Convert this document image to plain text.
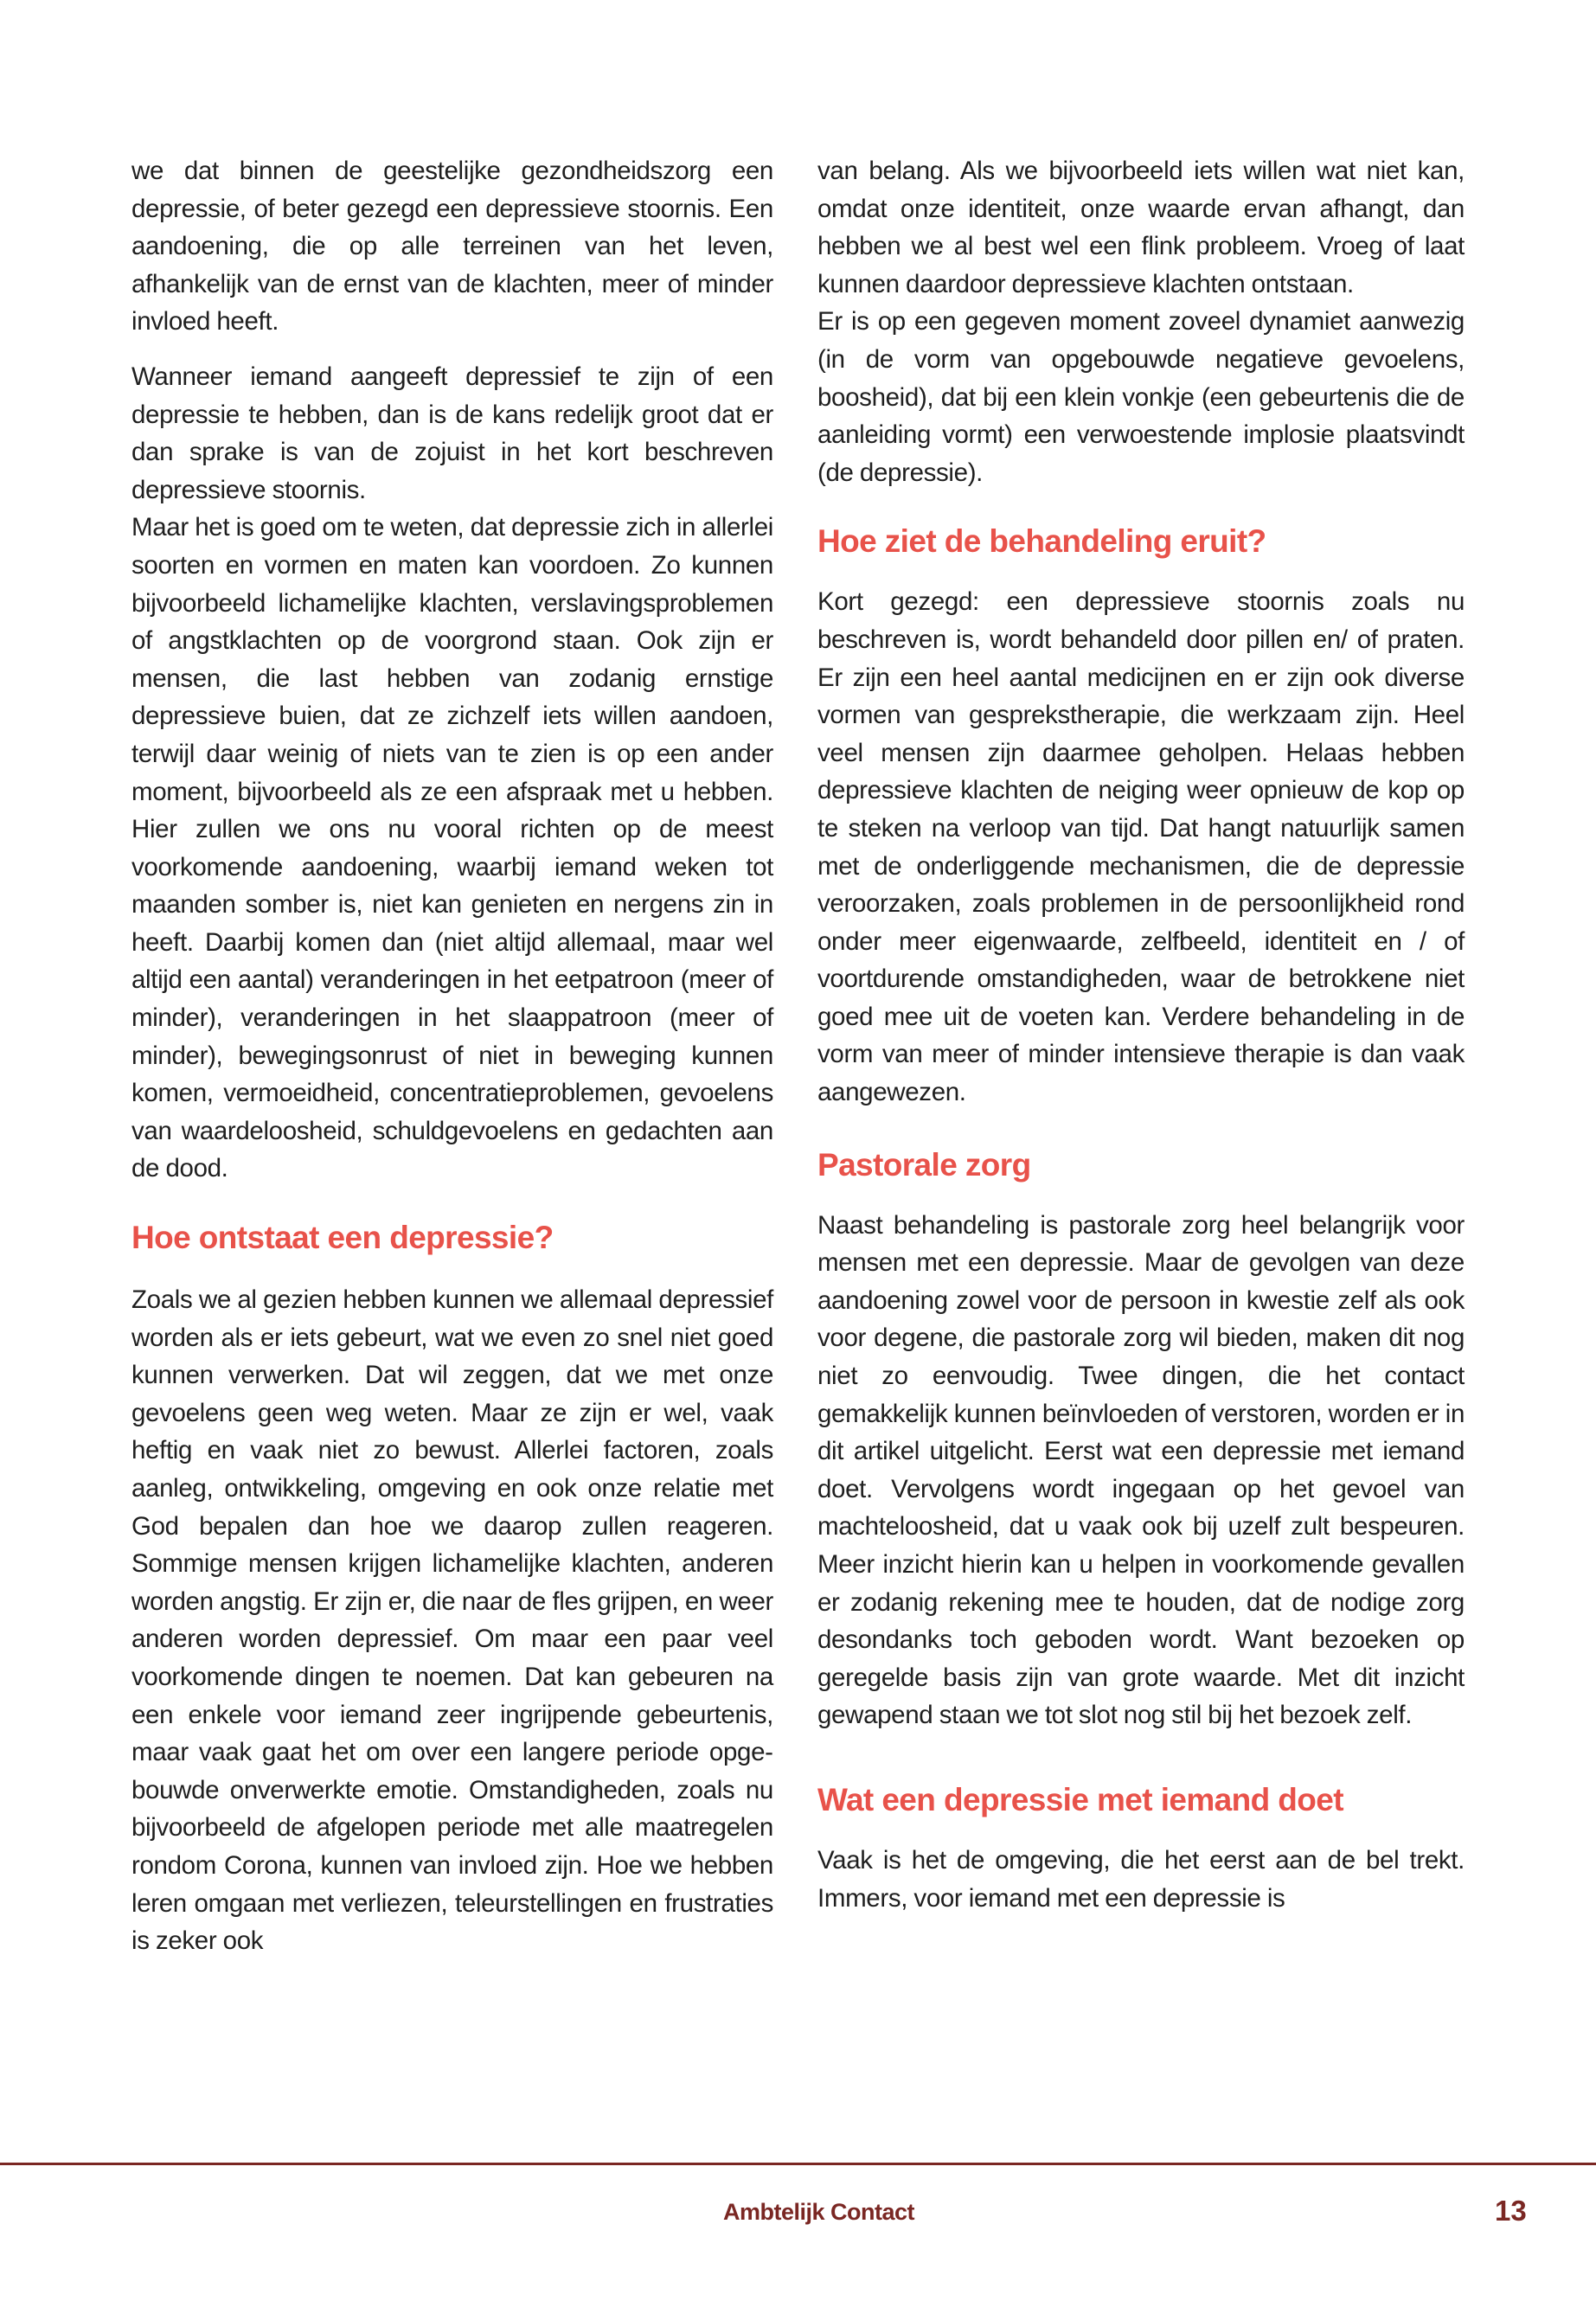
we dat binnen de geestelijke gezondheidszorg een depressie, of beter gezegd een depressieve stoornis. Een aandoening, die op alle terreinen van het leven, afhankelijk van de ernst van de klachten, meer of minder invloed heeft.

Wanneer iemand aangeeft depressief te zijn of een depressie te hebben, dan is de kans redelijk groot dat er dan sprake is van de zojuist in het kort beschreven depressieve stoornis.

Maar het is goed om te weten, dat depressie zich in allerlei soorten en vormen en maten kan voordoen. Zo kunnen bijvoorbeeld lichamelijke klachten, verslavingsproblemen of angstklachten op de voorgrond staan. Ook zijn er mensen, die last hebben van zodanig ernstige depressieve buien, dat ze zichzelf iets willen aandoen, terwijl daar weinig of niets van te zien is op een ander moment, bijvoorbeeld als ze een afspraak met u hebben. Hier zullen we ons nu vooral richten op de meest voorkomende aandoening, waarbij iemand weken tot maanden somber is, niet kan genieten en nergens zin in heeft. Daarbij komen dan (niet altijd allemaal, maar wel altijd een aantal) veranderingen in het eetpatroon (meer of minder), veranderingen in het slaappatroon (meer of minder), bewegingsonrust of niet in beweging kunnen komen, vermoeidheid, concentratieproblemen, gevoelens van waardeloosheid, schuldgevoelens en gedachten aan de dood.

Hoe ontstaat een depressie?

Zoals we al gezien hebben kunnen we allemaal depressief worden als er iets gebeurt, wat we even zo snel niet goed kunnen verwerken. Dat wil zeggen, dat we met onze gevoelens geen weg weten. Maar ze zijn er wel, vaak heftig en vaak niet zo bewust. Allerlei factoren, zoals aanleg, ontwikkeling, omgeving en ook onze relatie met God bepalen dan hoe we daarop zullen reageren. Sommige mensen krijgen lichamelijke klachten, anderen worden angstig. Er zijn er, die naar de fles grijpen, en weer anderen worden depressief. Om maar een paar veel voorkomende dingen te noemen. Dat kan gebeuren na een enkele voor iemand zeer ingrijpende gebeurtenis, maar vaak gaat het om over een langere periode opgebouwde onverwerkte emotie. Omstandigheden, zoals nu bijvoorbeeld de afgelopen periode met alle maatregelen rondom Corona, kunnen van invloed zijn. Hoe we hebben leren omgaan met verliezen, teleurstellingen en frustraties is zeker ook

van belang. Als we bijvoorbeeld iets willen wat niet kan, omdat onze identiteit, onze waarde ervan afhangt, dan hebben we al best wel een flink probleem. Vroeg of laat kunnen daardoor depressieve klachten ontstaan.

Er is op een gegeven moment zoveel dynamiet aanwezig (in de vorm van opgebouwde negatieve gevoelens, boosheid), dat bij een klein vonkje (een gebeurtenis die de aanleiding vormt) een verwoestende implosie plaatsvindt (de depressie).

Hoe ziet de behandeling eruit?

Kort gezegd: een depressieve stoornis zoals nu beschreven is, wordt behandeld door pillen en/ of praten. Er zijn een heel aantal medicijnen en er zijn ook diverse vormen van gesprekstherapie, die werkzaam zijn. Heel veel mensen zijn daarmee geholpen. Helaas hebben depressieve klachten de neiging weer opnieuw de kop op te steken na verloop van tijd. Dat hangt natuurlijk samen met de onderliggende mechanismen, die de depressie veroorzaken, zoals problemen in de persoonlijkheid rond onder meer eigenwaarde, zelfbeeld, identiteit en / of voortdurende omstandigheden, waar de betrokkene niet goed mee uit de voeten kan. Verdere behandeling in de vorm van meer of minder intensieve therapie is dan vaak aangewezen.

Pastorale zorg

Naast behandeling is pastorale zorg heel belangrijk voor mensen met een depressie. Maar de gevolgen van deze aandoening zowel voor de persoon in kwestie zelf als ook voor degene, die pastorale zorg wil bieden, maken dit nog niet zo eenvoudig. Twee dingen, die het contact gemakkelijk kunnen beïnvloeden of verstoren, worden er in dit artikel uitgelicht. Eerst wat een depressie met iemand doet. Vervolgens wordt ingegaan op het gevoel van machteloosheid, dat u vaak ook bij uzelf zult bespeuren. Meer inzicht hierin kan u helpen in voorkomende gevallen er zodanig rekening mee te houden, dat de nodige zorg desondanks toch geboden wordt. Want bezoeken op geregelde basis zijn van grote waarde. Met dit inzicht gewapend staan we tot slot nog stil bij het bezoek zelf.

Wat een depressie met iemand doet

Vaak is het de omgeving, die het eerst aan de bel trekt. Immers, voor iemand met een depressie is

Ambtelijk Contact	13
